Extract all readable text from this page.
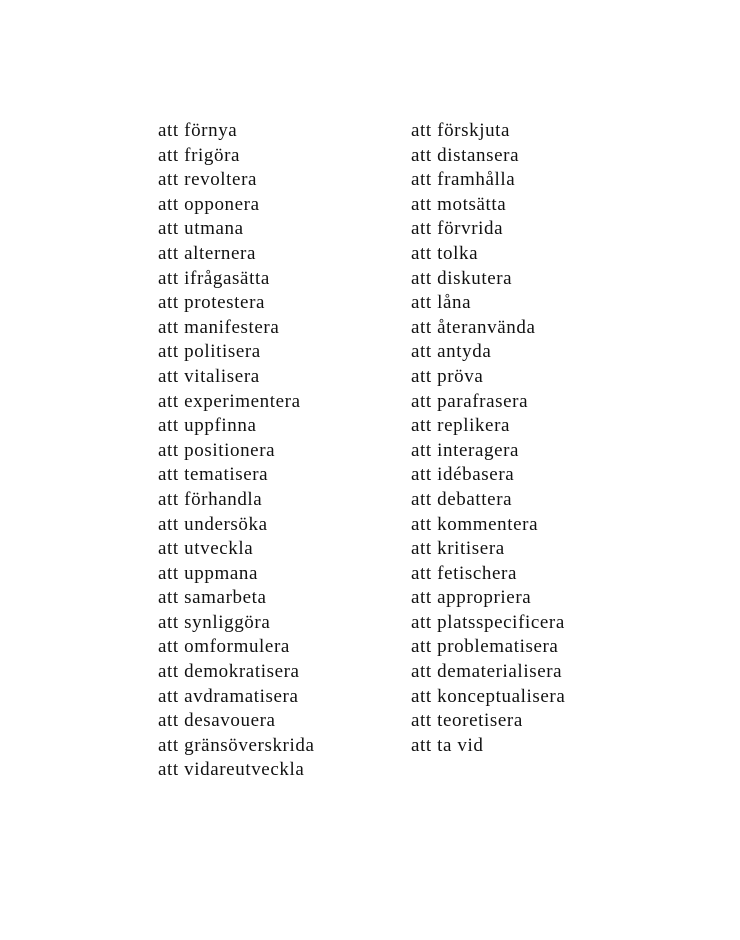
att förnya
att frigöra
att revoltera
att opponera
att utmana
att alternera
att ifrågasätta
att protestera
att manifestera
att politisera
att vitalisera
att experimentera
att uppfinna
att positionera
att tematisera
att förhandla
att undersöka
att utveckla
att uppmana
att samarbeta
att synliggöra
att omformulera
att demokratisera
att avdramatisera
att desavouera
att gränsöverskrida
att vidareutveckla
att förskjuta
att distansera
att framhålla
att motsätta
att förvrida
att tolka
att diskutera
att låna
att återanvända
att antyda
att pröva
att parafrasera
att replikera
att interagera
att idébasera
att debattera
att kommentera
att kritisera
att fetischera
att appropriera
att platsspecificera
att problematisera
att dematerialisera
att konceptualisera
att teoretisera
att ta vid
